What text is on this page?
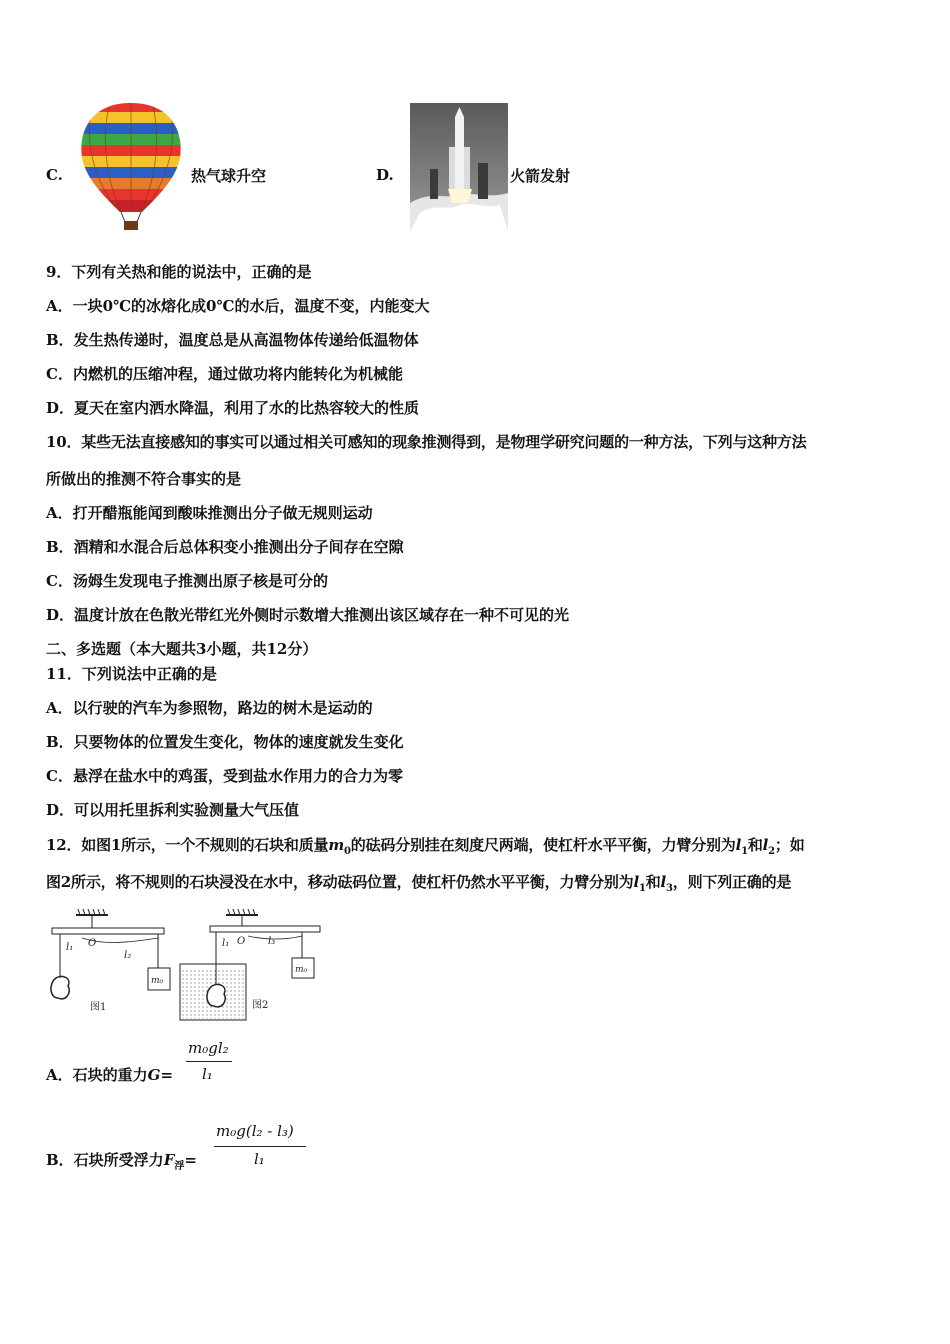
C.	热气球升空	D.	火箭发射
9．下列有关热和能的说法中，正确的是
A．一块0℃的冰熔化成0℃的水后，温度不变，内能变大
B．发生热传递时，温度总是从高温物体传递给低温物体
C．内燃机的压缩冲程，通过做功将内能转化为机械能
D．夏天在室内洒水降温，利用了水的比热容较大的性质
10．某些无法直接感知的事实可以通过相关可感知的现象推测得到，是物理学研究问题的一种方法，下列与这种方法
所做出的推测不符合事实的是
A．打开醋瓶能闻到酸味推测出分子做无规则运动
B．酒精和水混合后总体积变小推测出分子间存在空隙
C．汤姆生发现电子推测出原子核是可分的
D．温度计放在色散光带红光外侧时示数增大推测出该区域存在一种不可见的光
二、多选题（本大题共3小题，共12分）
11．下列说法中正确的是
A．以行驶的汽车为参照物，路边的树木是运动的
B．只要物体的位置发生变化，物体的速度就发生变化
C．悬浮在盐水中的鸡蛋，受到盐水作用力的合力为零
D．可以用托里拆利实验测量大气压值
12．如图1所示，一个不规则的石块和质量$m_0$的砝码分别挂在刻度尺两端，使杠杆水平平衡，力臂分别为$l_1$和$l_2$；如
图2所示，将不规则的石块浸没在水中，移动砝码位置，使杠杆仍然水平平衡，力臂分别为$l_1$和$l_3$，则下列正确的是
l₁ O
l₂
m₀
图1
l₁ O l₃
m₀
图2
A．石块的重力G=
m₀gl₂
l₁
B．石块所受浮力$F_浮=$
m₀g(l₂ - l₃)
l₁
